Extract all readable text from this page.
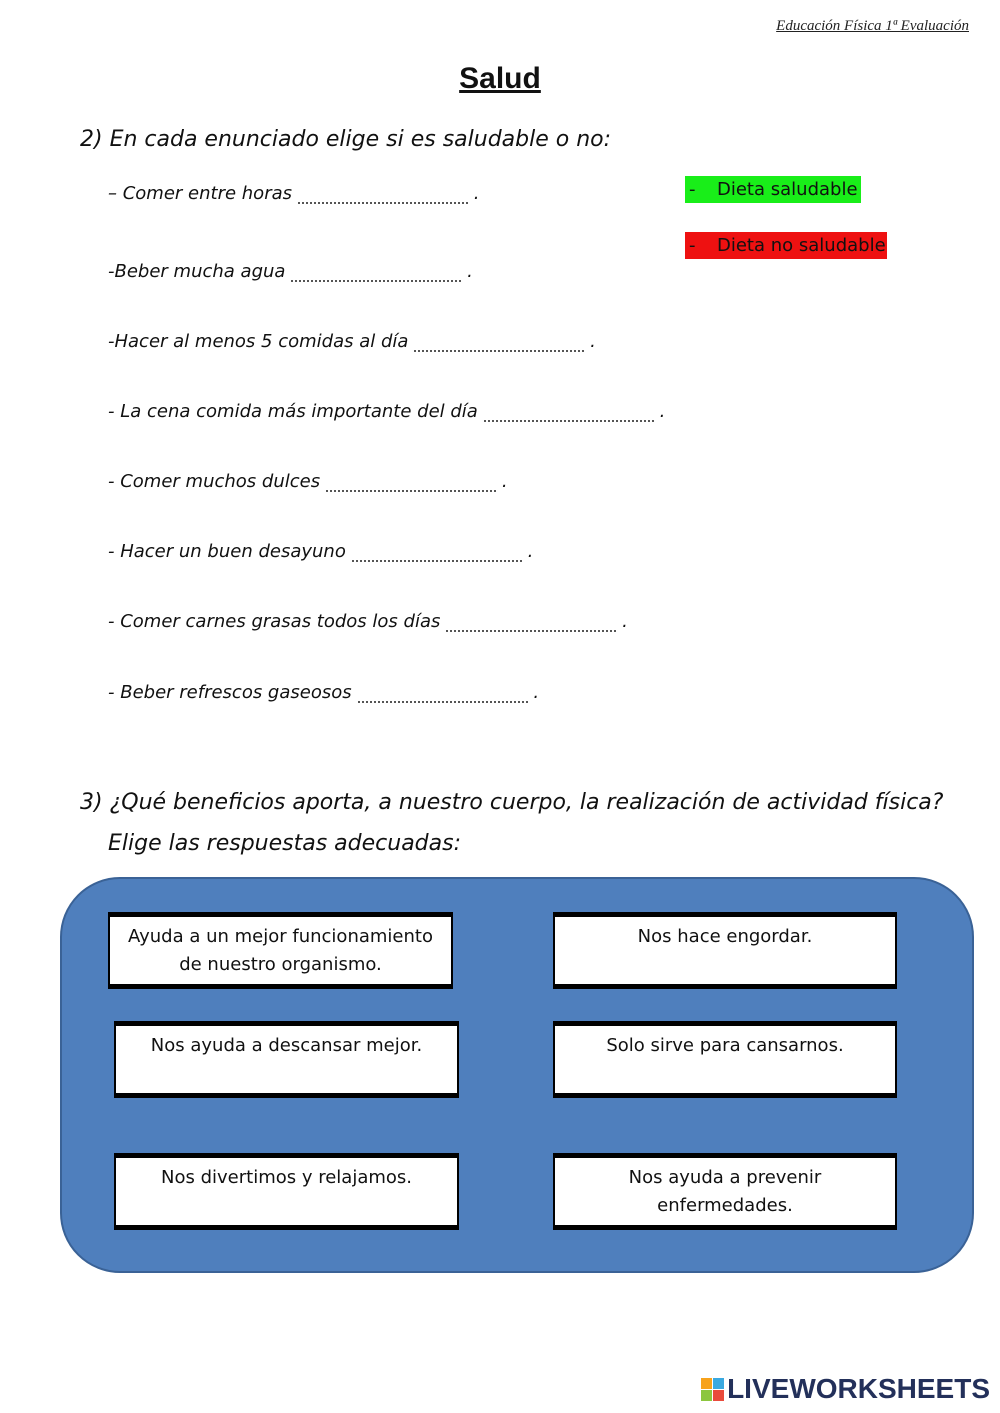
Educación Física 1ª Evaluación
Salud
2) En cada enunciado elige si es saludable o no:
- Dieta saludable
- Dieta no saludable
– Comer entre horas	.
-Beber mucha agua	.
-Hacer al menos 5 comidas al día	.
- La cena comida más importante del día	.
- Comer muchos dulces	.
- Hacer un buen desayuno	.
- Comer carnes grasas todos los días	.
- Beber refrescos gaseosos	.
3) ¿Qué beneficios aporta, a nuestro cuerpo, la realización de actividad física?
Elige las respuestas adecuadas:
Ayuda a un mejor funcionamiento
de nuestro organismo.
Nos hace engordar.
Nos ayuda a descansar mejor.	Solo sirve para cansarnos.
Nos divertimos y relajamos.	Nos ayuda a prevenir
enfermedades.
LIVEWORKSHEETS
